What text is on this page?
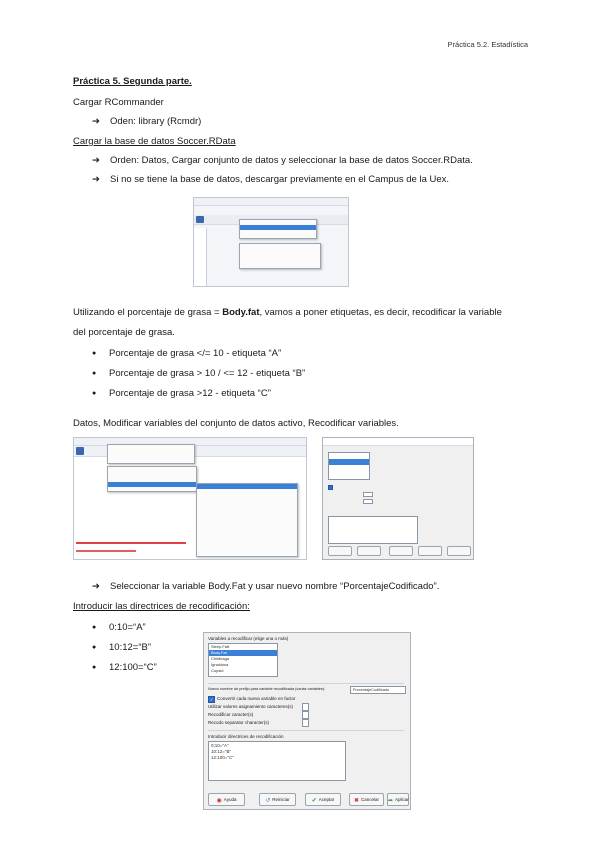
Práctica 5.2. Estadística
Práctica 5. Segunda parte.
Cargar RCommander
➔ Oden: library (Rcmdr)
Cargar la base de datos Soccer.RData
➔ Orden: Datos, Cargar conjunto de datos y seleccionar la base de datos Soccer.RData.
➔ Si no se tiene la base de datos, descargar previamente en el Campus de la Uex.

Utilizando el porcentaje de grasa = Body.fat, vamos a poner etiquetas, es decir, recodificar la variable
del porcentaje de grasa.
● Porcentaje de grasa </= 10 - etiqueta “A”
● Porcentaje de grasa > 10 / <= 12 - etiqueta “B”
● Porcentaje de grasa >12 - etiqueta “C”
Datos, Modificar variables del conjunto de datos activo, Recodificar variables.

➔ Seleccionar la variable Body.Fat y usar nuevo nombre “PorcentajeCodificado”.
Introducir las directrices de recodificación:
● 0:10=“A”
● 10:12=“B”
● 12:100=“C”
Variables a recodificar (elige una o más)
Sleep.Fatt
Body.Fat
Childhaga
Ignaldosa
Cupsid
Nuevo nombre de prefijo para variable recodificada (varias variables):	PorcentajeCodificado
✓ Convertir cada nueva variable en factor
Utilizar valores asignamiento caracteres(s)
Recodificar caracter(s)
Recodo separator character(s)
Introducir directrices de recodificación
0:10="A"
10:12="B"
12:100="C"
◉ Ayuda	↺ Reiniciar	✔ Aceptar	✖ Cancelar	➦ Aplicar
